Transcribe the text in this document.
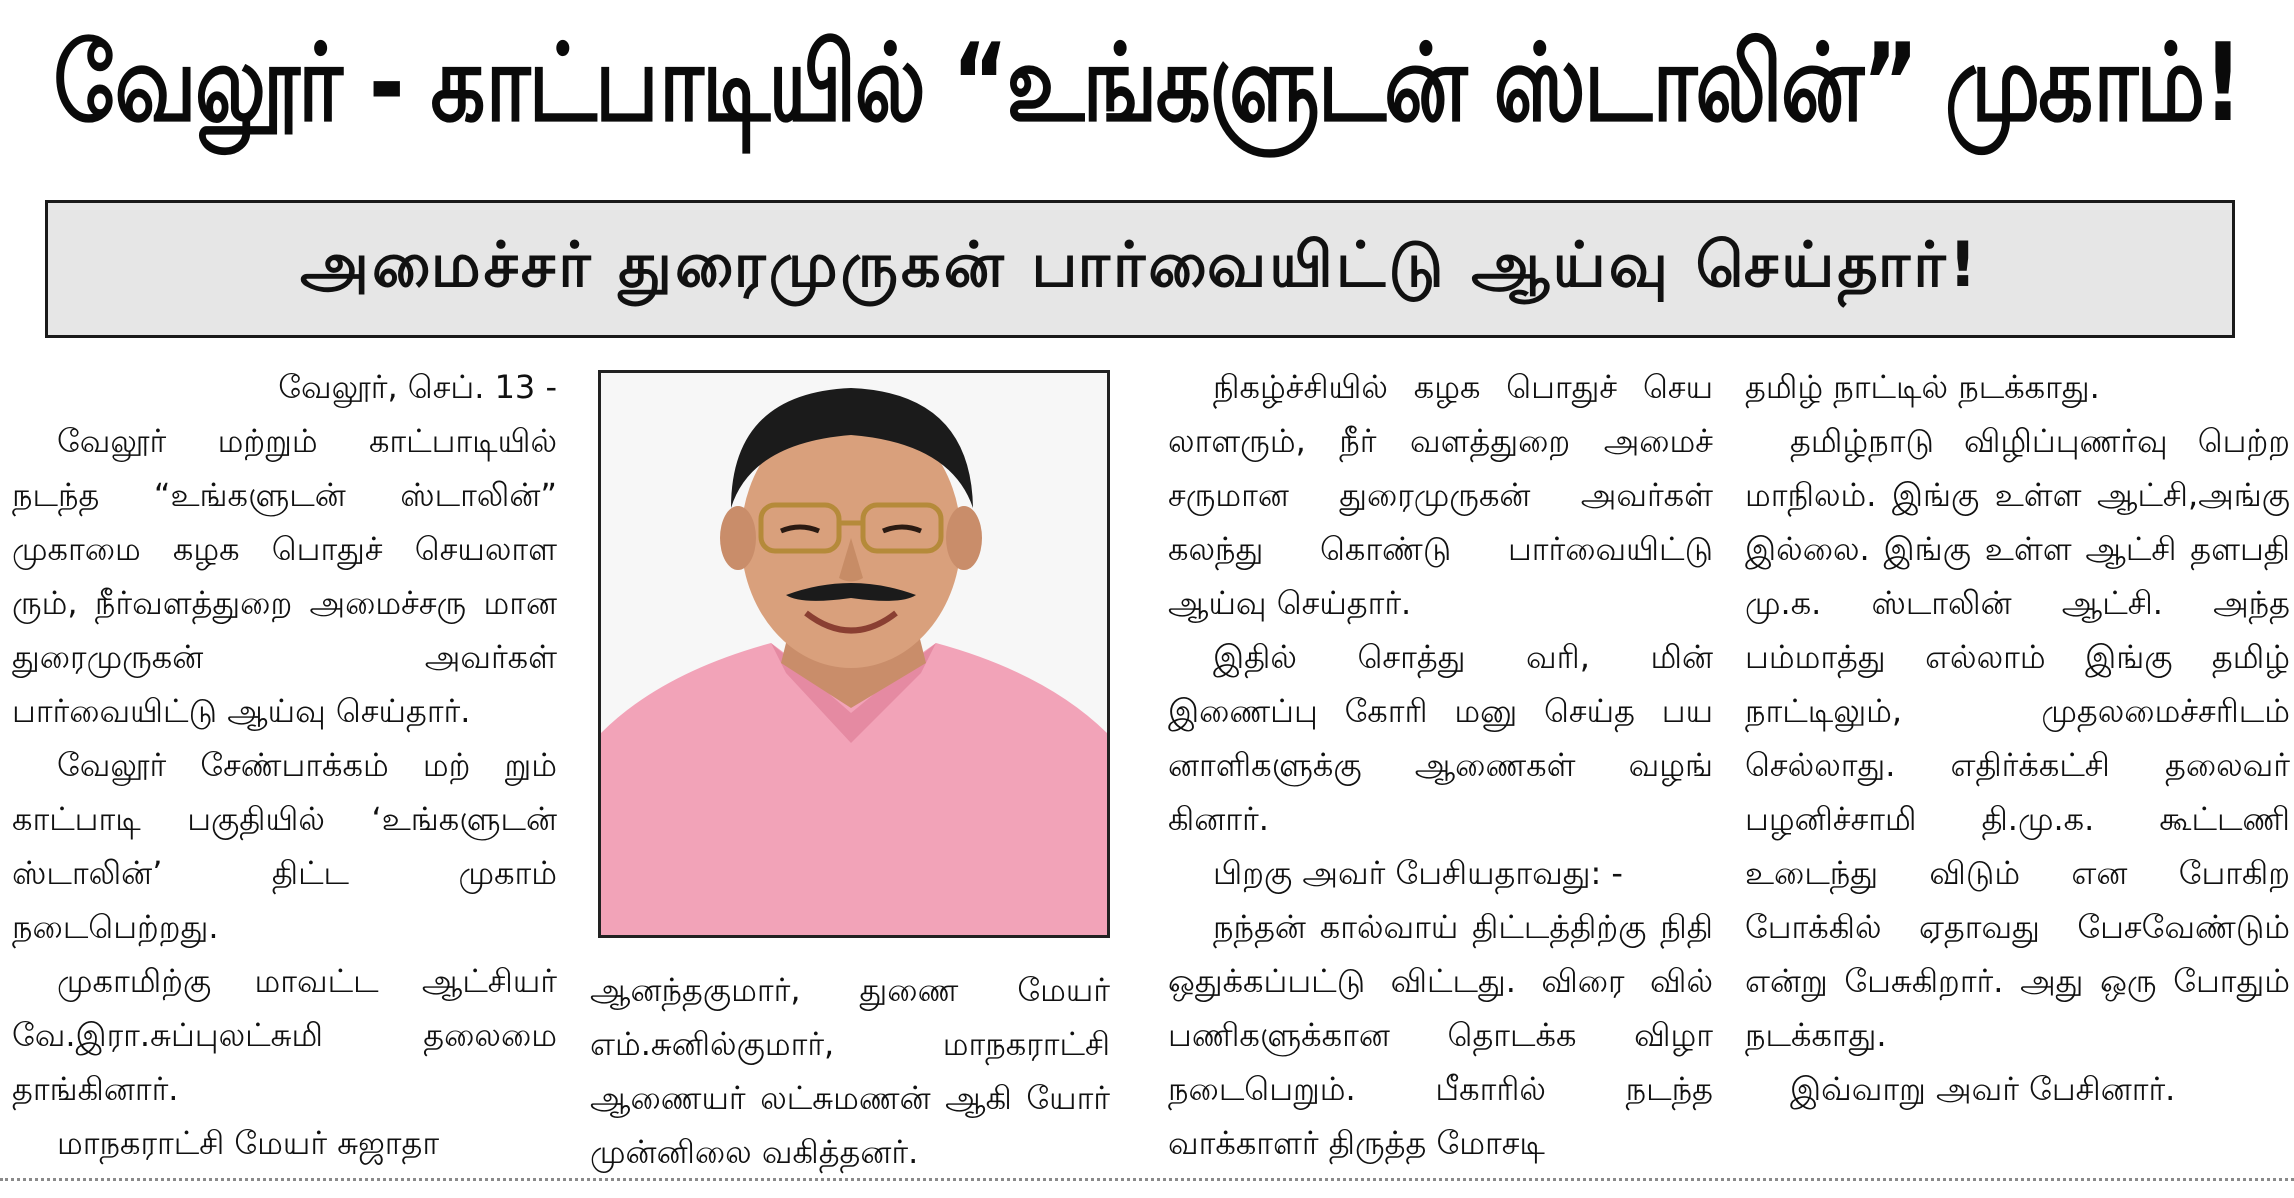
வேலூர் - காட்பாடியில் “உங்களுடன் ஸ்டாலின்” முகாம்!
அமைச்சர் துரைமுருகன் பார்வையிட்டு ஆய்வு செய்தார்!

வேலூர், செப். 13 -

வேலூர் மற்றும் காட்பாடியில் நடந்த “உங்களுடன் ஸ்டாலின்” முகாமை கழக பொதுச் செயலாள ரும், நீர்வளத்துறை அமைச்சரு மான துரைமுருகன் அவர்கள் பார்வையிட்டு ஆய்வு செய்தார்.

வேலூர் சேண்பாக்கம் மற் றும் காட்பாடி பகுதியில் ‘உங்களுடன் ஸ்டாலின்’ திட்ட முகாம் நடைபெற்றது.

முகாமிற்கு மாவட்ட ஆட்சியர் வே.இரா.சுப்புலட்சுமி தலைமை தாங்கினார்.

மாநகராட்சி மேயர் சுஜாதா

ஆனந்தகுமார், துணை மேயர் எம்.சுனில்குமார், மாநகராட்சி ஆணையர் லட்சுமணன் ஆகி யோர் முன்னிலை வகித்தனர்.

நிகழ்ச்சியில் கழக பொதுச் செய லாளரும், நீர் வளத்துறை அமைச் சருமான துரைமுருகன் அவர்கள் கலந்து கொண்டு பார்வையிட்டு ஆய்வு செய்தார்.

இதில் சொத்து வரி, மின் இணைப்பு கோரி மனு செய்த பய னாளிகளுக்கு ஆணைகள் வழங் கினார்.

பிறகு அவர் பேசியதாவது: -

நந்தன் கால்வாய் திட்டத்திற்கு நிதி ஒதுக்கப்பட்டு விட்டது. விரை வில் பணிகளுக்கான தொடக்க விழா நடைபெறும். பீகாரில் நடந்த வாக்காளர் திருத்த மோசடி

தமிழ் நாட்டில் நடக்காது.

தமிழ்நாடு விழிப்புணர்வு பெற்ற மாநிலம். இங்கு உள்ள ஆட்சி,அங்கு இல்லை. இங்கு உள்ள ஆட்சி தளபதி மு.க. ஸ்டாலின் ஆட்சி. அந்த பம்மாத்து எல்லாம் இங்கு தமிழ் நாட்டிலும், முதலமைச்சரிடம் செல்லாது. எதிர்க்கட்சி தலைவர் பழனிச்சாமி தி.மு.க. கூட்டணி உடைந்து விடும் என போகிற போக்கில் ஏதாவது பேசவேண்டும் என்று பேசுகிறார். அது ஒரு போதும் நடக்காது.

இவ்வாறு அவர் பேசினார்.
